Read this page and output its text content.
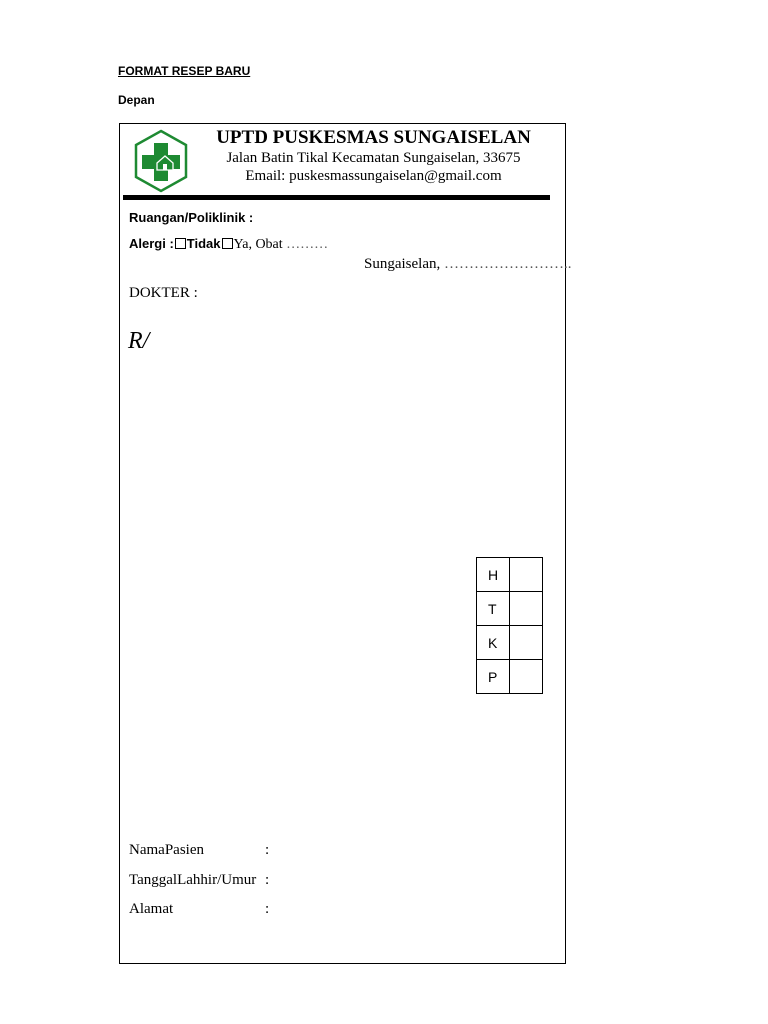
FORMAT RESEP BARU
Depan
UPTD PUSKESMAS SUNGAISELAN
Jalan Batin Tikal Kecamatan Sungaiselan, 33675
Email: puskesmassungaiselan@gmail.com
Ruangan/Poliklinik :
Alergi : Tidak Ya, Obat ………
Sungaiselan, ……………………..
DOKTER :
R/
H	
T	
K	
P	
NamaPasien	:
TanggalLahhir/Umur :
Alamat	:
